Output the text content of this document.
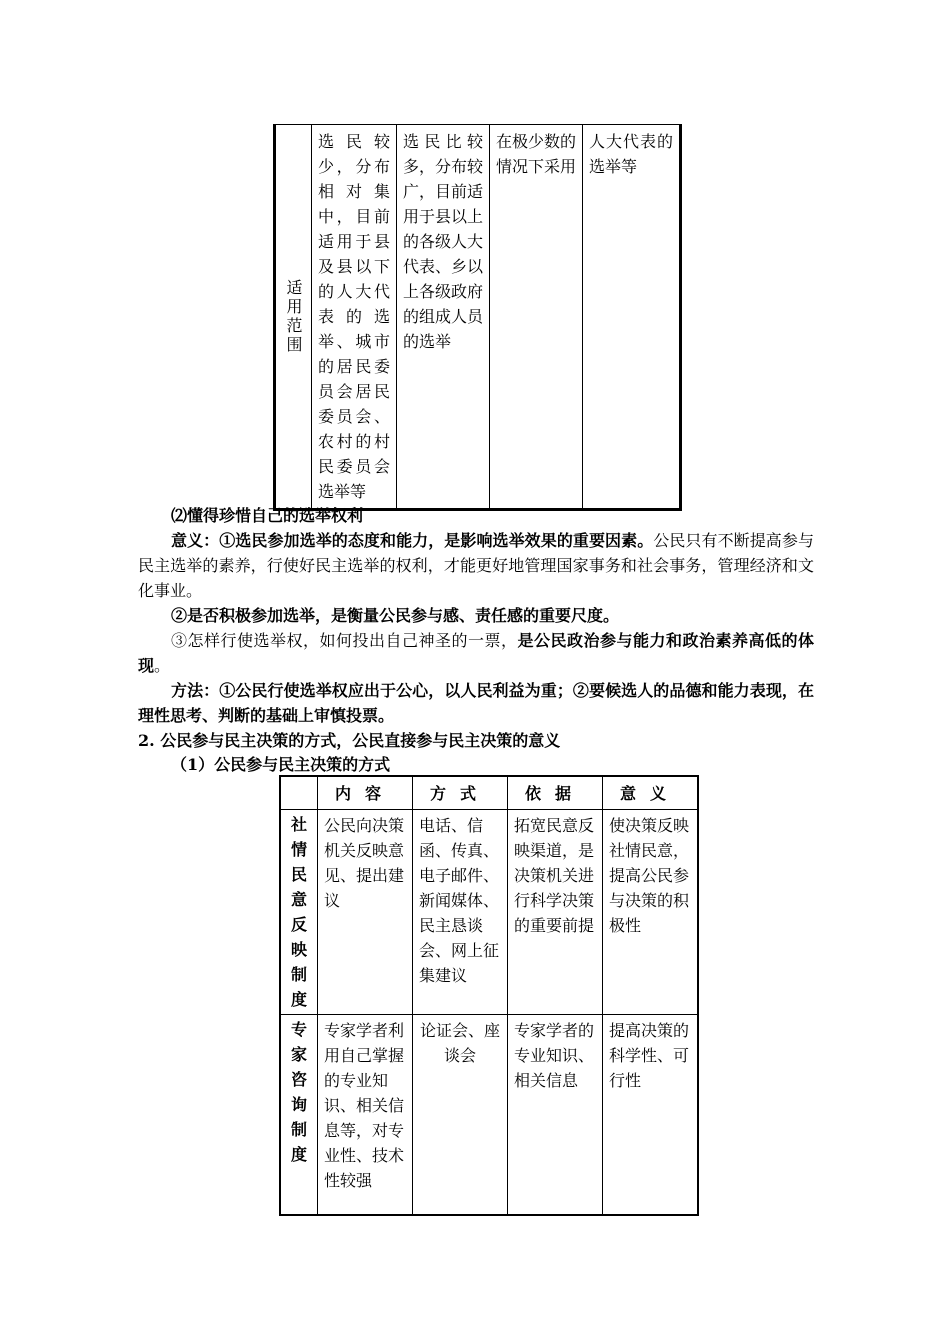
适用范围	选民较少，分布相对集中，目前适用于县及县以下的人大代表的选举、城市的居民委员会居民委员会、农村的村民委员会选举等	选民比较多，分布较广，目前适用于县以上的各级人大代表、乡以上各级政府的组成人员的选举	在极少数的情况下采用	人大代表的选举等
⑵懂得珍惜自己的选举权利
意义：①选民参加选举的态度和能力，是影响选举效果的重要因素。公民只有不断提高参与民主选举的素养，行使好民主选举的权利，才能更好地管理国家事务和社会事务，管理经济和文化事业。
②是否积极参加选举，是衡量公民参与感、责任感的重要尺度。
③怎样行使选举权，如何投出自己神圣的一票，是公民政治参与能力和政治素养高低的体现。
方法：①公民行使选举权应出于公心，以人民利益为重；②要候选人的品德和能力表现，在理性思考、判断的基础上审慎投票。
2. 公民参与民主决策的方式，公民直接参与民主决策的意义
（1）公民参与民主决策的方式
	内容	方式	依据	意义
社情民意反映制度	公民向决策机关反映意见、提出建议	电话、信函、传真、电子邮件、新闻媒体、民主恳谈会、网上征集建议	拓宽民意反映渠道，是决策机关进行科学决策的重要前提	使决策反映社情民意，提高公民参与决策的积极性
专家咨询制度	专家学者利用自己掌握的专业知识、相关信息等，对专业性、技术性较强	论证会、座谈会	专家学者的专业知识、相关信息	提高决策的科学性、可行性
